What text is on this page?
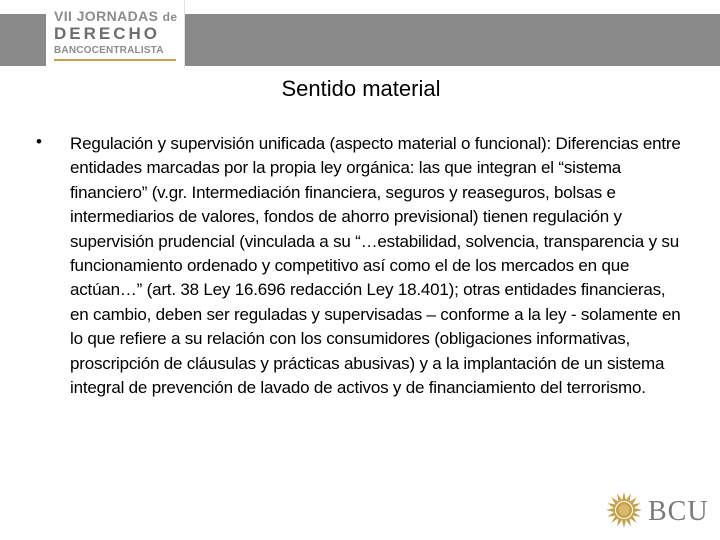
VII JORNADAS de
DERECHO
BANCOCENTRALISTA
Sentido material
• Regulación y supervisión unificada (aspecto material o funcional): Diferencias entre entidades marcadas por la propia ley orgánica: las que integran el “sistema financiero” (v.gr. Intermediación financiera, seguros y reaseguros, bolsas e intermediarios de valores, fondos de ahorro previsional) tienen regulación y supervisión prudencial (vinculada a su “…estabilidad, solvencia, transparencia y su funcionamiento ordenado y competitivo así como el de los mercados en que actúan…” (art. 38 Ley 16.696 redacción Ley 18.401); otras entidades financieras, en cambio, deben ser reguladas y supervisadas – conforme a la ley - solamente en lo que refiere a su relación con los consumidores (obligaciones informativas, proscripción de cláusulas y prácticas abusivas) y a la implantación de un sistema integral de prevención de lavado de activos y de financiamiento del terrorismo.
BCU
